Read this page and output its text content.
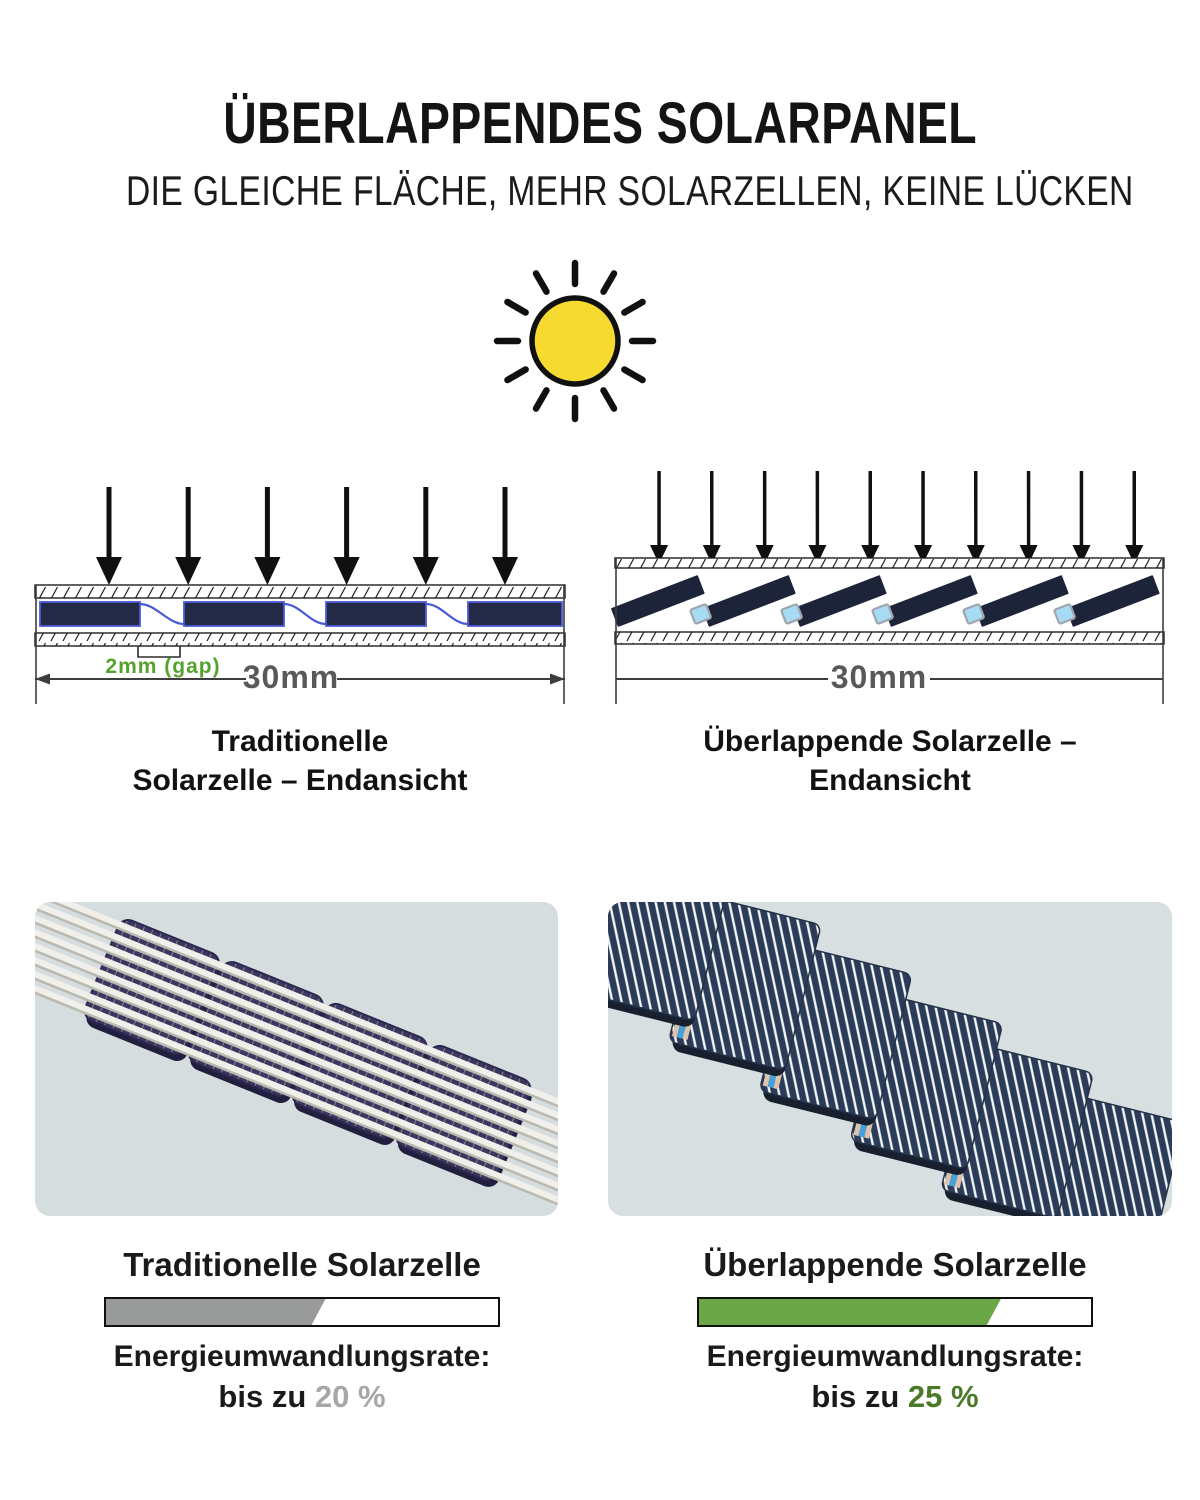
ÜBERLAPPENDES SOLARPANEL
DIE GLEICHE FLÄCHE, MEHR SOLARZELLEN, KEINE LÜCKEN
2mm (gap) 30mm	30mm
Traditionelle
Solarzelle – Endansicht
Überlappende Solarzelle –
Endansicht
Traditionelle Solarzelle
Energieumwandlungsrate:
bis zu 20 %
Überlappende Solarzelle
Energieumwandlungsrate:
bis zu 25 %
